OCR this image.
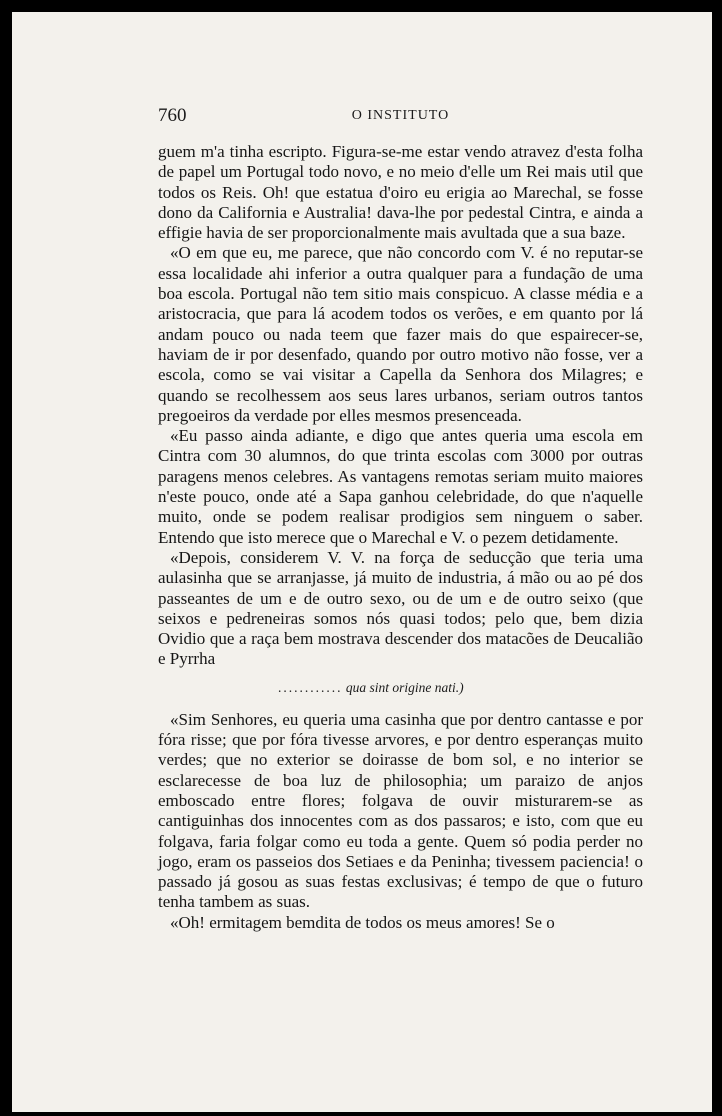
760	O INSTITUTO

guem m'a tinha escripto. Figura-se-me estar vendo atravez d'esta folha de papel um Portugal todo novo, e no meio d'elle um Rei mais util que todos os Reis. Oh! que estatua d'oiro eu erigia ao Marechal, se fosse dono da California e Australia! dava-lhe por pedestal Cintra, e ainda a effigie havia de ser proporcionalmente mais avultada que a sua baze.

«O em que eu, me parece, que não concordo com V. é no reputar-se essa localidade ahi inferior a outra qualquer para a fundação de uma boa escola. Portugal não tem sitio mais conspicuo. A classe média e a aristocracia, que para lá acodem todos os verões, e em quanto por lá andam pouco ou nada teem que fazer mais do que espairecer-se, haviam de ir por desenfado, quando por outro motivo não fosse, ver a escola, como se vai visitar a Capella da Senhora dos Milagres; e quando se recolhessem aos seus lares urbanos, seriam outros tantos pregoeiros da verdade por elles mesmos presenceada.

«Eu passo ainda adiante, e digo que antes queria uma escola em Cintra com 30 alumnos, do que trinta escolas com 3000 por outras paragens menos celebres. As vantagens remotas seriam muito maiores n'este pouco, onde até a Sapa ganhou celebridade, do que n'aquelle muito, onde se podem realisar prodigios sem ninguem o saber. Entendo que isto merece que o Marechal e V. o pezem detidamente.

«Depois, considerem V. V. na força de seducção que teria uma aulasinha que se arranjasse, já muito de industria, á mão ou ao pé dos passeantes de um e de outro sexo, ou de um e de outro seixo (que seixos e pedreneiras somos nós quasi todos; pelo que, bem dizia Ovidio que a raça bem mostrava descender dos matacões de Deucalião e Pyrrha

............ qua sint origine nati.)

«Sim Senhores, eu queria uma casinha que por dentro cantasse e por fóra risse; que por fóra tivesse arvores, e por dentro esperanças muito verdes; que no exterior se doirasse de bom sol, e no interior se esclarecesse de boa luz de philosophia; um paraizo de anjos emboscado entre flores; folgava de ouvir misturarem-se as cantiguinhas dos innocentes com as dos passaros; e isto, com que eu folgava, faria folgar como eu toda a gente. Quem só podia perder no jogo, eram os passeios dos Setiaes e da Peninha; tivessem paciencia! o passado já gosou as suas festas exclusivas; é tempo de que o futuro tenha tambem as suas.

«Oh! ermitagem bemdita de todos os meus amores! Se o
